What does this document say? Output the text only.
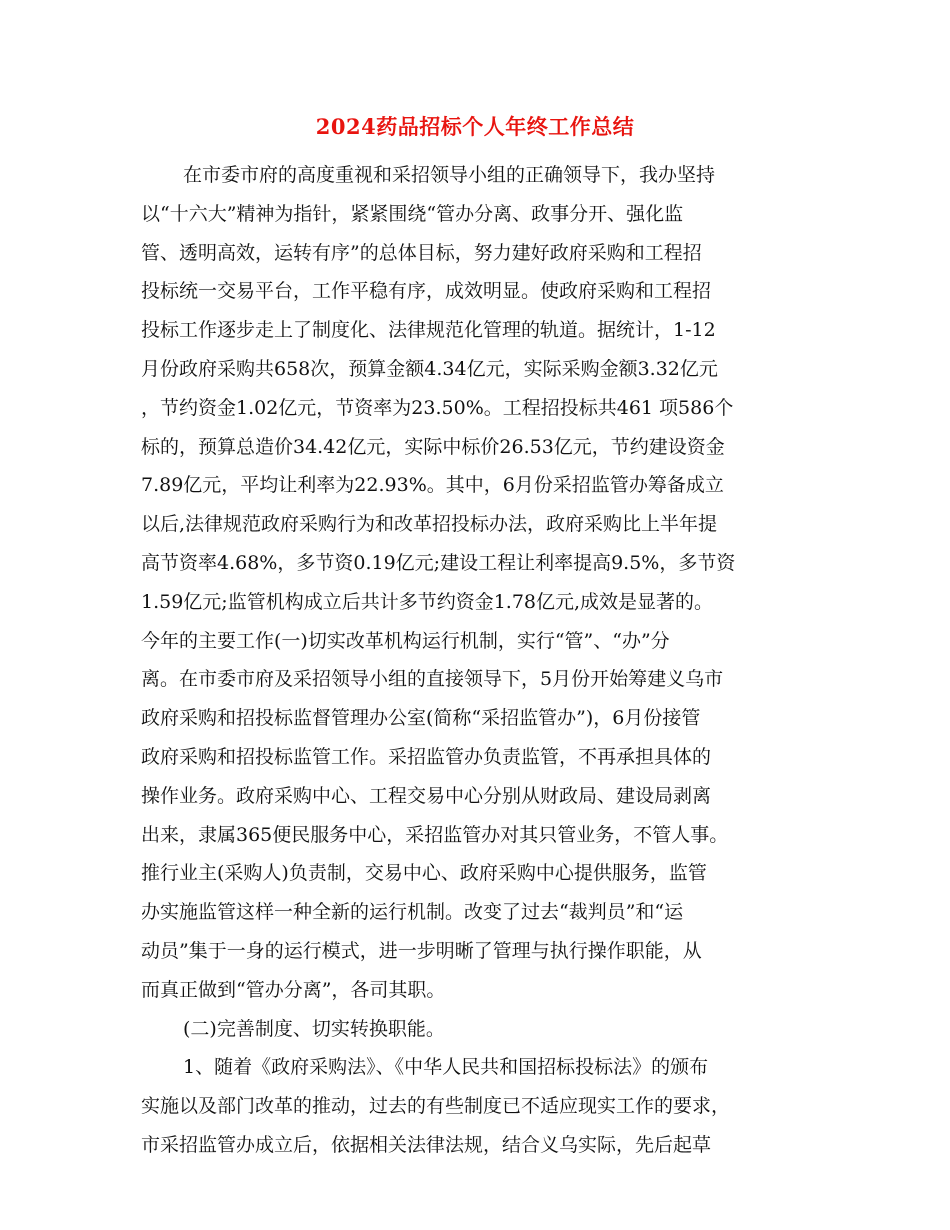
2024药品招标个人年终工作总结
在市委市府的高度重视和采招领导小组的正确领导下，我办坚持
以“十六大”精神为指针，紧紧围绕“管办分离、政事分开、强化监
管、透明高效，运转有序”的总体目标，努力建好政府采购和工程招
投标统一交易平台，工作平稳有序，成效明显。使政府采购和工程招
投标工作逐步走上了制度化、法律规范化管理的轨道。据统计，1-12
月份政府采购共658次，预算金额4.34亿元，实际采购金额3.32亿元
，节约资金1.02亿元，节资率为23.50%。工程招投标共461 项586个
标的，预算总造价34.42亿元，实际中标价26.53亿元，节约建设资金
7.89亿元，平均让利率为22.93%。其中，6月份采招监管办筹备成立
以后,法律规范政府采购行为和改革招投标办法，政府采购比上半年提
高节资率4.68%，多节资0.19亿元;建设工程让利率提高9.5%，多节资
1.59亿元;监管机构成立后共计多节约资金1.78亿元,成效是显著的。
今年的主要工作(一)切实改革机构运行机制，实行“管”、“办”分
离。在市委市府及采招领导小组的直接领导下，5月份开始筹建义乌市
政府采购和招投标监督管理办公室(简称“采招监管办”)，6月份接管
政府采购和招投标监管工作。采招监管办负责监管，不再承担具体的
操作业务。政府采购中心、工程交易中心分别从财政局、建设局剥离
出来，隶属365便民服务中心，采招监管办对其只管业务，不管人事。
推行业主(采购人)负责制，交易中心、政府采购中心提供服务，监管
办实施监管这样一种全新的运行机制。改变了过去“裁判员”和“运
动员”集于一身的运行模式，进一步明晰了管理与执行操作职能，从
而真正做到“管办分离”，各司其职。
(二)完善制度、切实转换职能。
1、随着《政府采购法》、《中华人民共和国招标投标法》的颁布
实施以及部门改革的推动，过去的有些制度已不适应现实工作的要求，
市采招监管办成立后，依据相关法律法规，结合义乌实际，先后起草
